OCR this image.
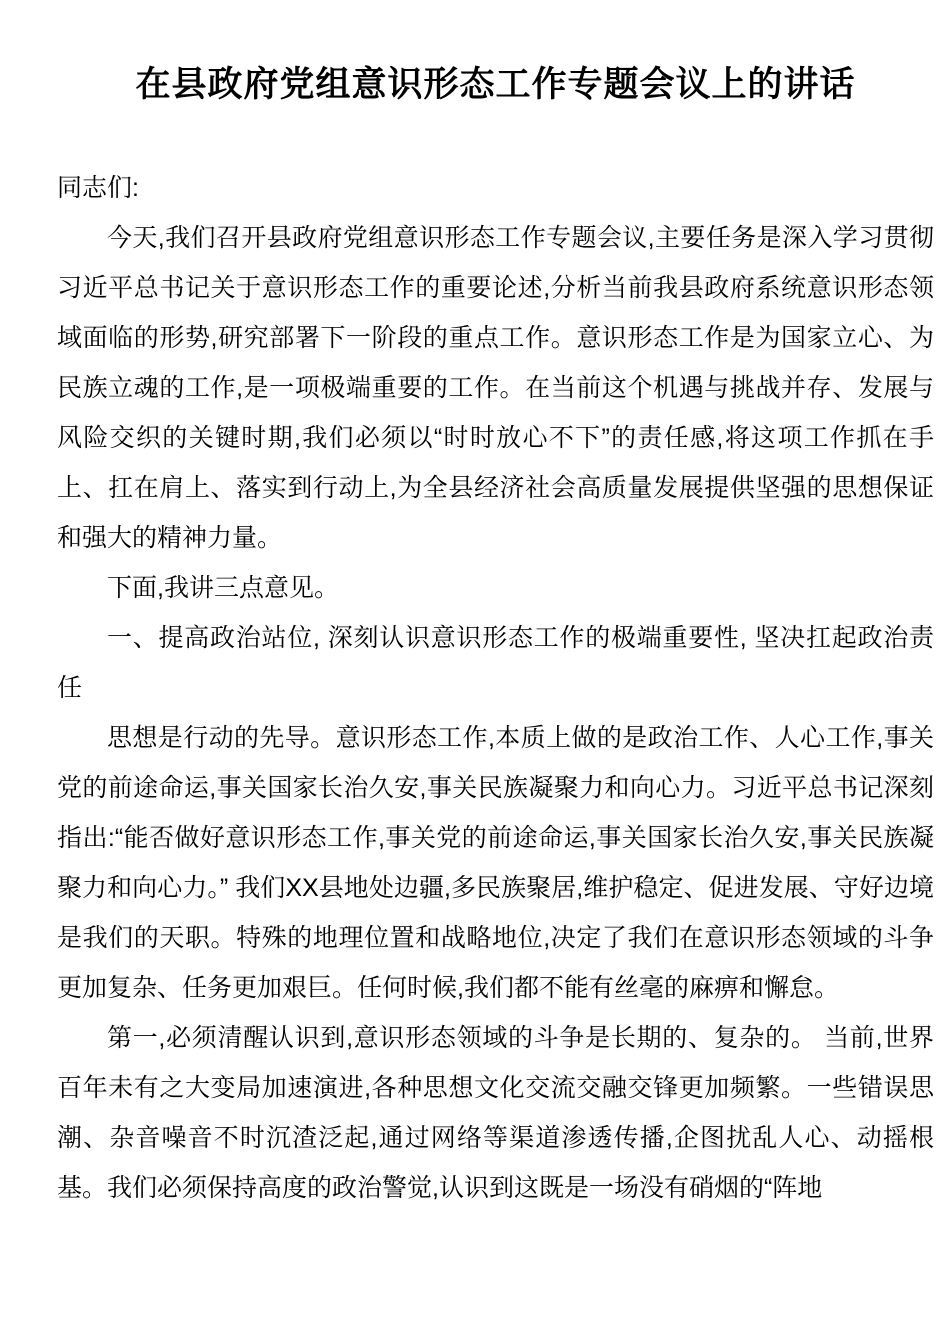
在县政府党组意识形态工作专题会议上的讲话

同志们:

今天,我们召开县政府党组意识形态工作专题会议,主要任务是深入学习贯彻习近平总书记关于意识形态工作的重要论述,分析当前我县政府系统意识形态领域面临的形势,研究部署下一阶段的重点工作。意识形态工作是为国家立心、为民族立魂的工作,是一项极端重要的工作。在当前这个机遇与挑战并存、发展与风险交织的关键时期,我们必须以“时时放心不下”的责任感,将这项工作抓在手上、扛在肩上、落实到行动上,为全县经济社会高质量发展提供坚强的思想保证和强大的精神力量。

下面,我讲三点意见。

一、提高政治站位, 深刻认识意识形态工作的极端重要性, 坚决扛起政治责任

思想是行动的先导。意识形态工作,本质上做的是政治工作、人心工作,事关党的前途命运,事关国家长治久安,事关民族凝聚力和向心力。习近平总书记深刻指出:“能否做好意识形态工作,事关党的前途命运,事关国家长治久安,事关民族凝聚力和向心力。” 我们XX县地处边疆,多民族聚居,维护稳定、促进发展、守好边境是我们的天职。特殊的地理位置和战略地位,决定了我们在意识形态领域的斗争更加复杂、任务更加艰巨。任何时候,我们都不能有丝毫的麻痹和懈怠。

第一,必须清醒认识到,意识形态领域的斗争是长期的、复杂的。 当前,世界百年未有之大变局加速演进,各种思想文化交流交融交锋更加频繁。一些错误思潮、杂音噪音不时沉渣泛起,通过网络等渠道渗透传播,企图扰乱人心、动摇根基。我们必须保持高度的政治警觉,认识到这既是一场没有硝烟的“阵地
